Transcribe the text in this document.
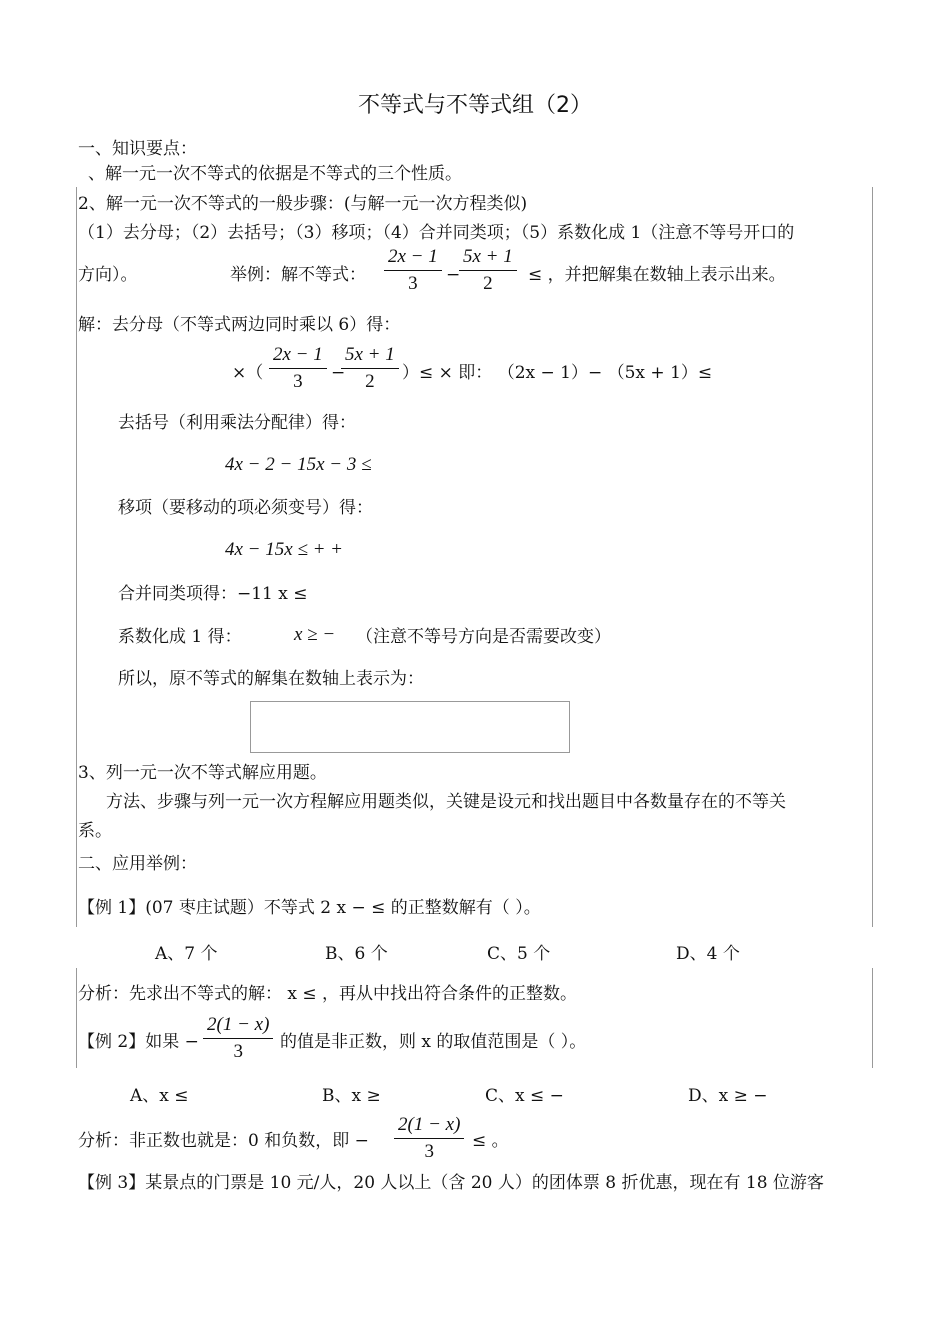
不等式与不等式组（2）
一、知识要点：
、解一元一次不等式的依据是不等式的三个性质。
2、解一元一次不等式的一般步骤：(与解一元一次方程类似)
（1）去分母；（2）去括号；（3）移项；（4）合并同类项；（5）系数化成 1（注意不等号开口的
方向）。	举例：解不等式： $\frac{2x - 1}{3}$ −
$\frac{5x + 1}{2}$ ≤ ，并把解集在数轴上表示出来。
解：去分母（不等式两边同时乘以 6）得：
×（ $\frac{2x - 1}{3}$ −
$\frac{5x + 1}{2}$ ）≤ × 即： （2x − 1）− （5x + 1）≤
去括号（利用乘法分配律）得：
4x − 2 − 15x − 3 ≤
移项（要移动的项必须变号）得：
4x − 15x ≤ + +
合并同类项得：−11 x ≤
系数化成 1 得：	x ≥ − （注意不等号方向是否需要改变）
所以，原不等式的解集在数轴上表示为：
3、列一元一次不等式解应用题。
方法、步骤与列一元一次方程解应用题类似，关键是设元和找出题目中各数量存在的不等关
系。
二、应用举例：
【例 1】(07 枣庄试题）不等式 2 x − ≤ 的正整数解有（ ）。
A、7 个	B、6 个	C、5 个	D、4 个
分析：先求出不等式的解： x ≤ ，再从中找出符合条件的正整数。
【例 2】如果 − $\frac{2(1 - x)}{3}$ 的值是非正数，则 x 的取值范围是（ ）。
A、x ≤	B、x ≥	C、x ≤ −	D、x ≥ −
分析：非正数也就是：0 和负数，即 − $\frac{2(1 - x)}{3}$ ≤ 。
【例 3】某景点的门票是 10 元/人，20 人以上（含 20 人）的团体票 8 折优惠，现在有 18 位游客
